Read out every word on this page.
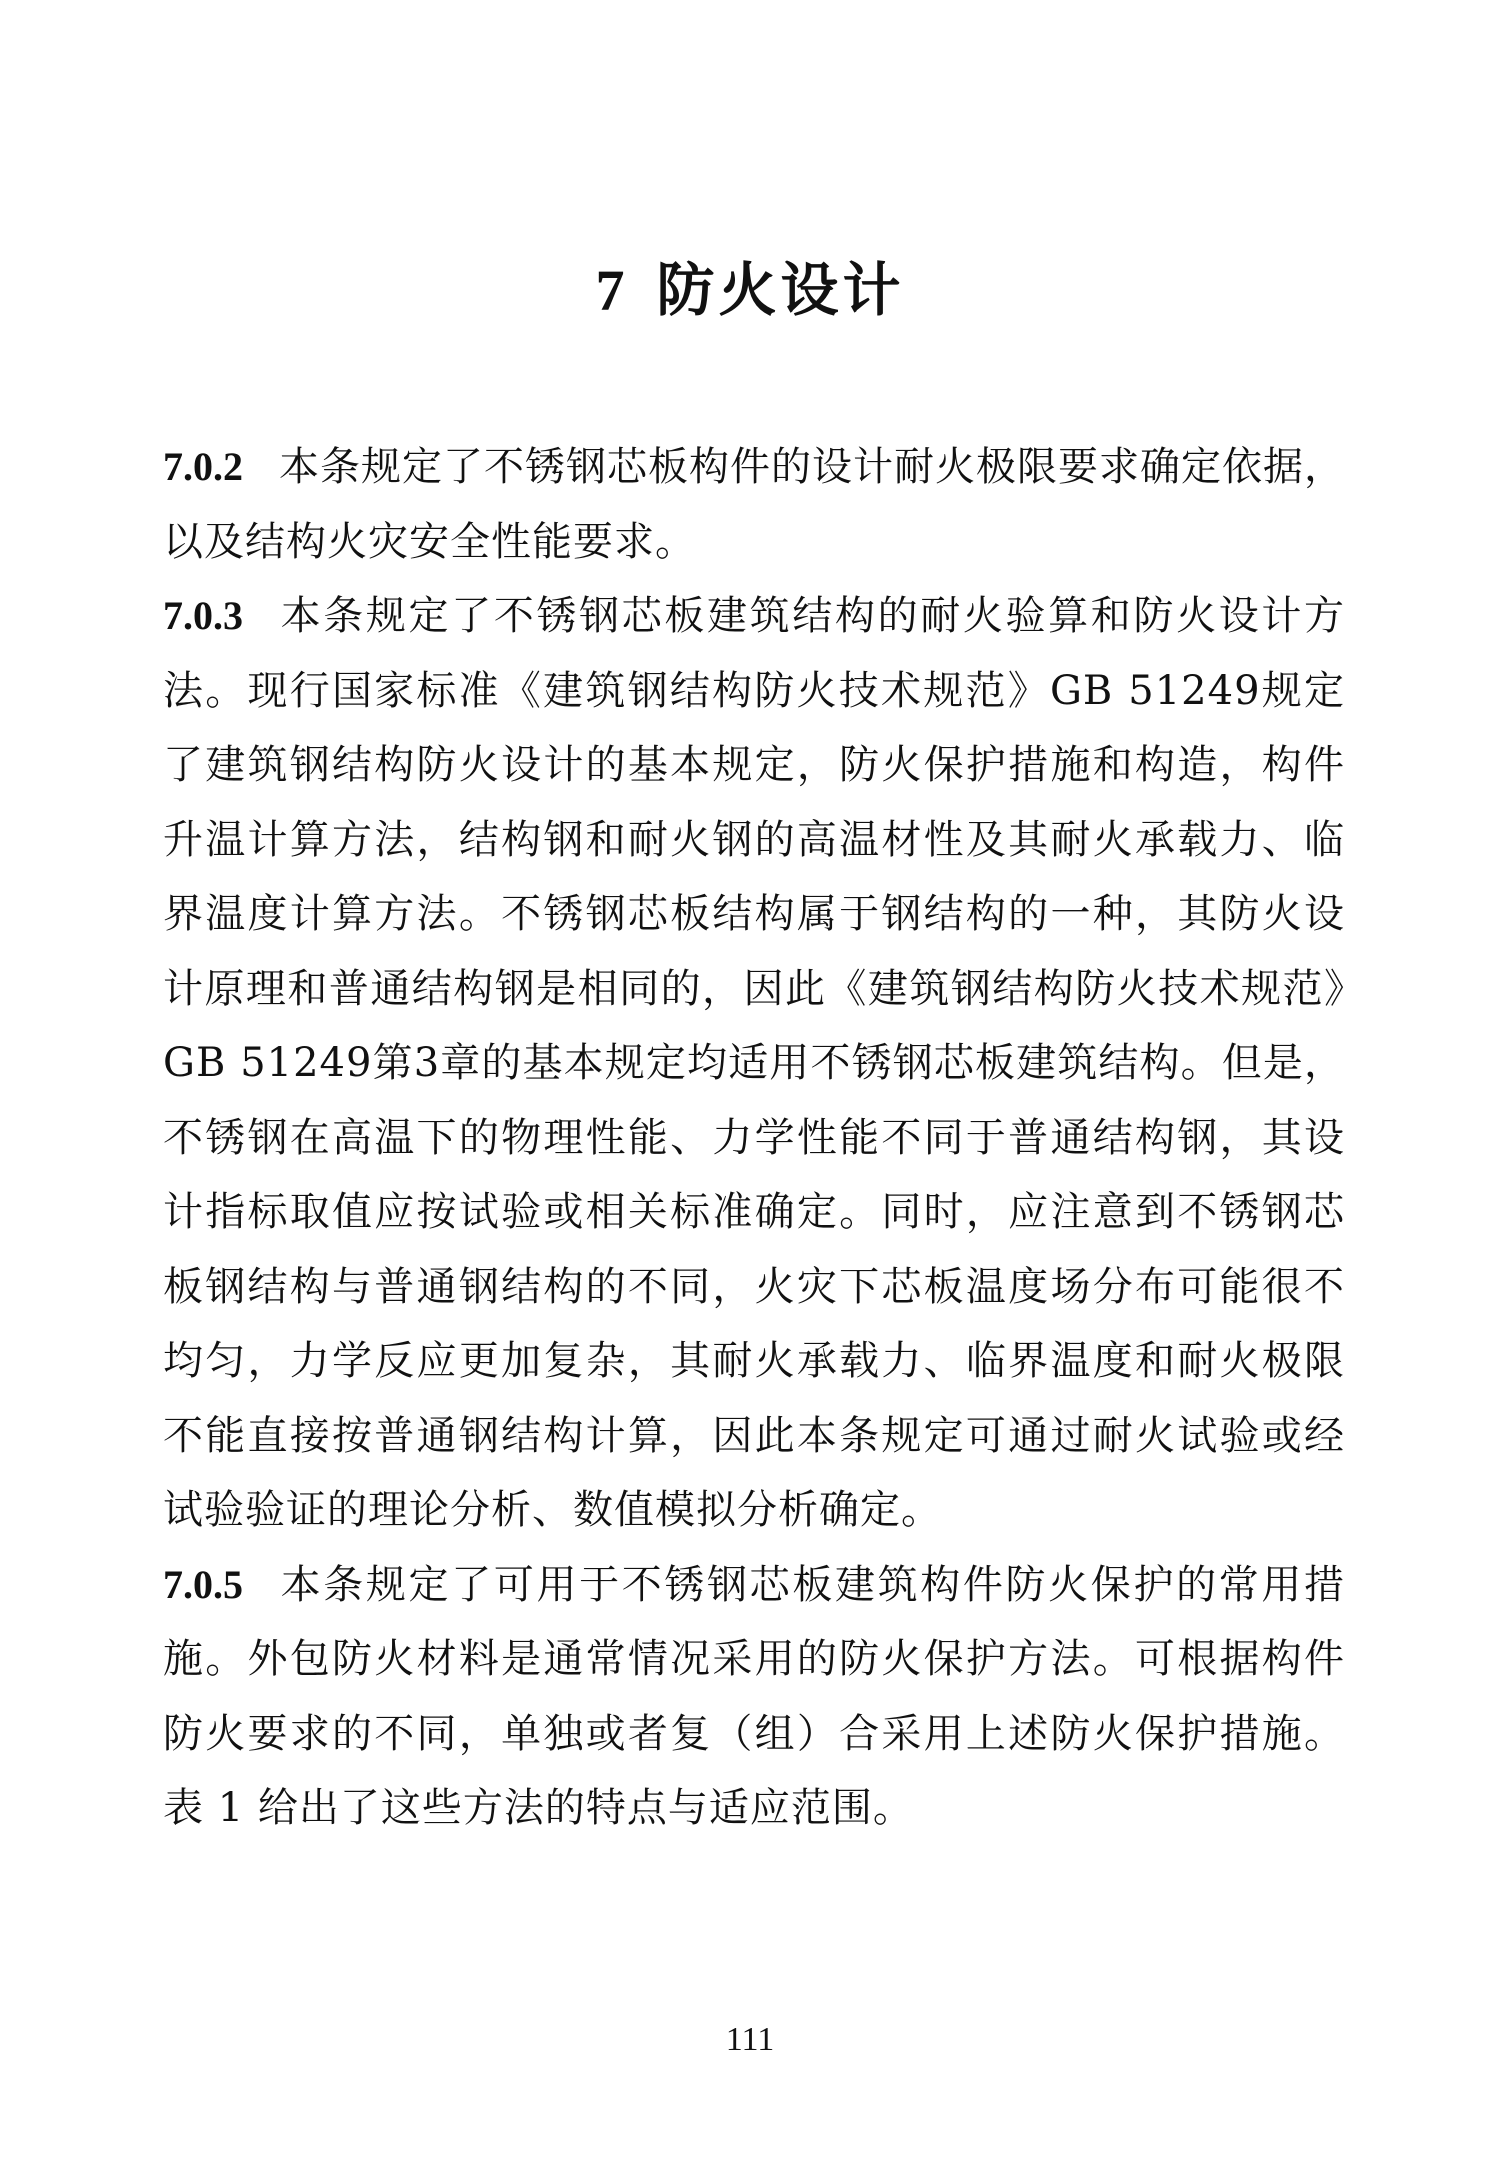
7 防火设计

7.0.2 本条规定了不锈钢芯板构件的设计耐火极限要求确定依据，以及结构火灾安全性能要求。

7.0.3 本条规定了不锈钢芯板建筑结构的耐火验算和防火设计方法。现行国家标准《建筑钢结构防火技术规范》GB 51249规定了建筑钢结构防火设计的基本规定，防火保护措施和构造，构件升温计算方法，结构钢和耐火钢的高温材性及其耐火承载力、临界温度计算方法。不锈钢芯板结构属于钢结构的一种，其防火设计原理和普通结构钢是相同的，因此《建筑钢结构防火技术规范》GB 51249第3章的基本规定均适用不锈钢芯板建筑结构。但是，不锈钢在高温下的物理性能、力学性能不同于普通结构钢，其设计指标取值应按试验或相关标准确定。同时，应注意到不锈钢芯板钢结构与普通钢结构的不同，火灾下芯板温度场分布可能很不均匀，力学反应更加复杂，其耐火承载力、临界温度和耐火极限不能直接按普通钢结构计算，因此本条规定可通过耐火试验或经试验验证的理论分析、数值模拟分析确定。

7.0.5 本条规定了可用于不锈钢芯板建筑构件防火保护的常用措施。外包防火材料是通常情况采用的防火保护方法。可根据构件防火要求的不同，单独或者复（组）合采用上述防火保护措施。表 1 给出了这些方法的特点与适应范围。

111
